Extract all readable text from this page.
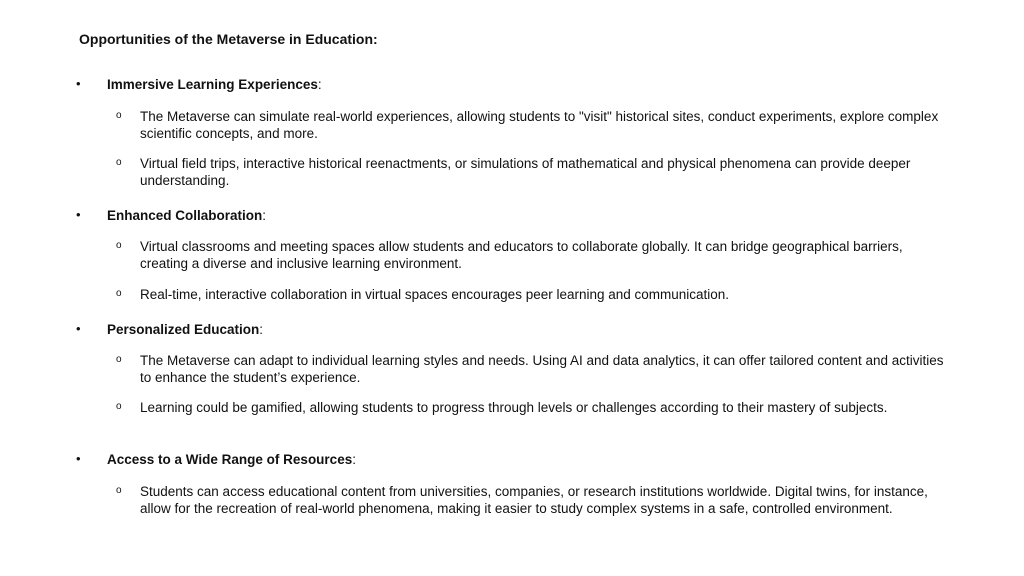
Opportunities of the Metaverse in Education:
• Immersive Learning Experiences:
o The Metaverse can simulate real-world experiences, allowing students to "visit" historical sites, conduct experiments, explore complex scientific concepts, and more.
o Virtual field trips, interactive historical reenactments, or simulations of mathematical and physical phenomena can provide deeper understanding.
• Enhanced Collaboration:
o Virtual classrooms and meeting spaces allow students and educators to collaborate globally. It can bridge geographical barriers, creating a diverse and inclusive learning environment.
o Real-time, interactive collaboration in virtual spaces encourages peer learning and communication.
• Personalized Education:
o The Metaverse can adapt to individual learning styles and needs. Using AI and data analytics, it can offer tailored content and activities to enhance the student’s experience.
o Learning could be gamified, allowing students to progress through levels or challenges according to their mastery of subjects.
• Access to a Wide Range of Resources:
o Students can access educational content from universities, companies, or research institutions worldwide. Digital twins, for instance, allow for the recreation of real-world phenomena, making it easier to study complex systems in a safe, controlled environment.
